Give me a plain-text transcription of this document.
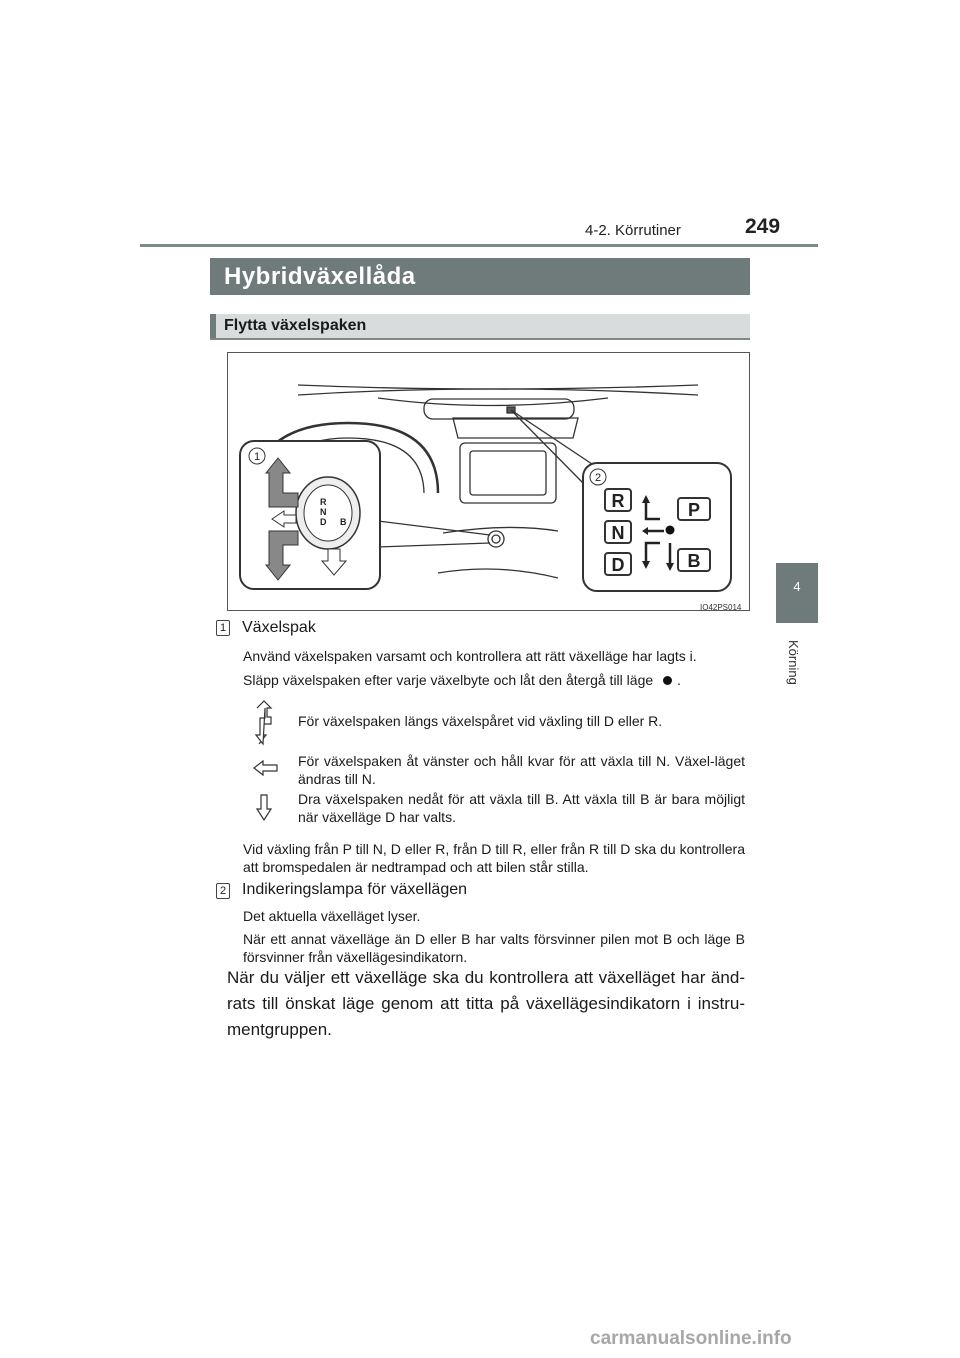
4-2. Körrutiner	249
4
Körning
Hybridväxellåda
Flytta växelspaken
1
R
N
D B
2
R
N
D
P
B
IO42PS014
1 Växelspak
Använd växelspaken varsamt och kontrollera att rätt växelläge har lagts i.
Släpp växelspaken efter varje växelbyte och låt den återgå till läge .
För växelspaken längs växelspåret vid växling till D eller R.
För växelspaken åt vänster och håll kvar för att växla till N. Växel-läget ändras till N.
Dra växelspaken nedåt för att växla till B. Att växla till B är bara möjligt när växelläge D har valts.
Vid växling från P till N, D eller R, från D till R, eller från R till D ska du kontrollera att bromspedalen är nedtrampad och att bilen står stilla.
2 Indikeringslampa för växellägen
Det aktuella växelläget lyser.
När ett annat växelläge än D eller B har valts försvinner pilen mot B och läge B försvinner från växellägesindikatorn.
När du väljer ett växelläge ska du kontrollera att växelläget har änd-rats till önskat läge genom att titta på växellägesindikatorn i instru-mentgruppen.
carmanualsonline.info
